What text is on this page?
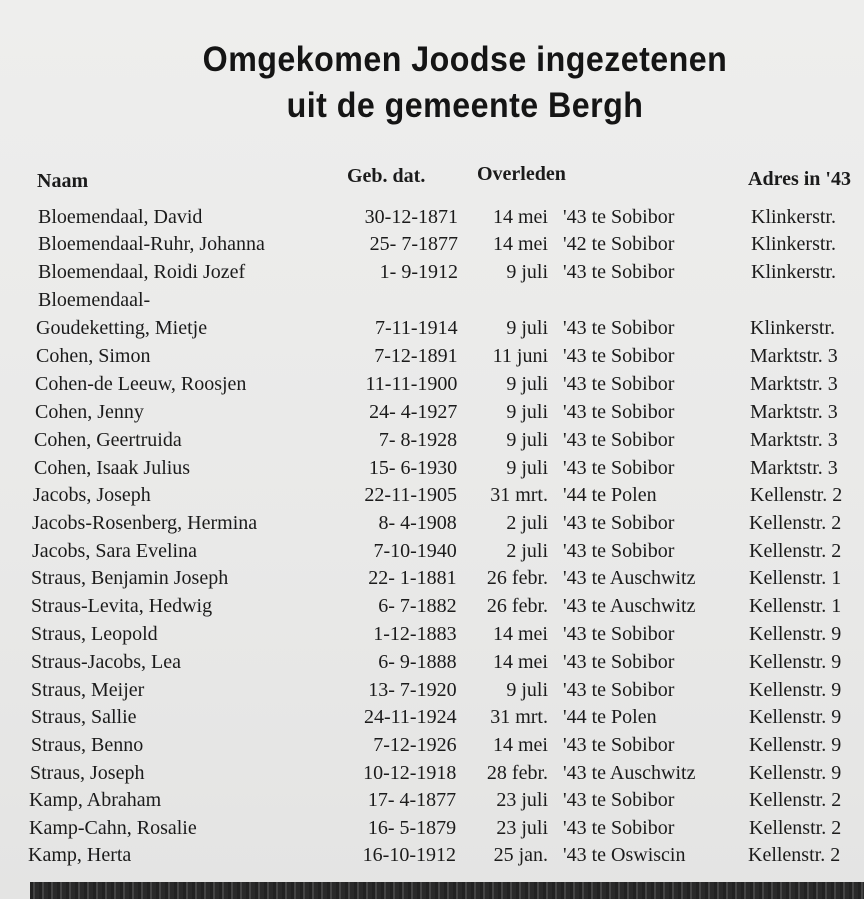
Omgekomen Joodse ingezetenen
uit de gemeente Bergh
Naam	Geb. dat.	Overleden	Adres in '43
Bloemendaal, David	30-12-1871	14 mei '43 te Sobibor	Klinkerstr.
Bloemendaal-Ruhr, Johanna	25- 7-1877	14 mei '42 te Sobibor	Klinkerstr.
Bloemendaal, Roidi Jozef	1- 9-1912	9 juli '43 te Sobibor	Klinkerstr.
Bloemendaal-
Goudeketting, Mietje	7-11-1914	9 juli '43 te Sobibor	Klinkerstr.
Cohen, Simon	7-12-1891	11 juni '43 te Sobibor	Marktstr. 3
Cohen-de Leeuw, Roosjen	11-11-1900	9 juli '43 te Sobibor	Marktstr. 3
Cohen, Jenny	24- 4-1927	9 juli '43 te Sobibor	Marktstr. 3
Cohen, Geertruida	7- 8-1928	9 juli '43 te Sobibor	Marktstr. 3
Cohen, Isaak Julius	15- 6-1930	9 juli '43 te Sobibor	Marktstr. 3
Jacobs, Joseph	22-11-1905	31 mrt. '44 te Polen	Kellenstr. 2
Jacobs-Rosenberg, Hermina	8- 4-1908	2 juli '43 te Sobibor	Kellenstr. 2
Jacobs, Sara Evelina	7-10-1940	2 juli '43 te Sobibor	Kellenstr. 2
Straus, Benjamin Joseph	22- 1-1881	26 febr. '43 te Auschwitz	Kellenstr. 1
Straus-Levita, Hedwig	6- 7-1882	26 febr. '43 te Auschwitz	Kellenstr. 1
Straus, Leopold	1-12-1883	14 mei '43 te Sobibor	Kellenstr. 9
Straus-Jacobs, Lea	6- 9-1888	14 mei '43 te Sobibor	Kellenstr. 9
Straus, Meijer	13- 7-1920	9 juli '43 te Sobibor	Kellenstr. 9
Straus, Sallie	24-11-1924	31 mrt. '44 te Polen	Kellenstr. 9
Straus, Benno	7-12-1926	14 mei '43 te Sobibor	Kellenstr. 9
Straus, Joseph	10-12-1918	28 febr. '43 te Auschwitz	Kellenstr. 9
Kamp, Abraham	17- 4-1877	23 juli '43 te Sobibor	Kellenstr. 2
Kamp-Cahn, Rosalie	16- 5-1879	23 juli '43 te Sobibor	Kellenstr. 2
Kamp, Herta	16-10-1912	25 jan. '43 te Oswiscin	Kellenstr. 2
